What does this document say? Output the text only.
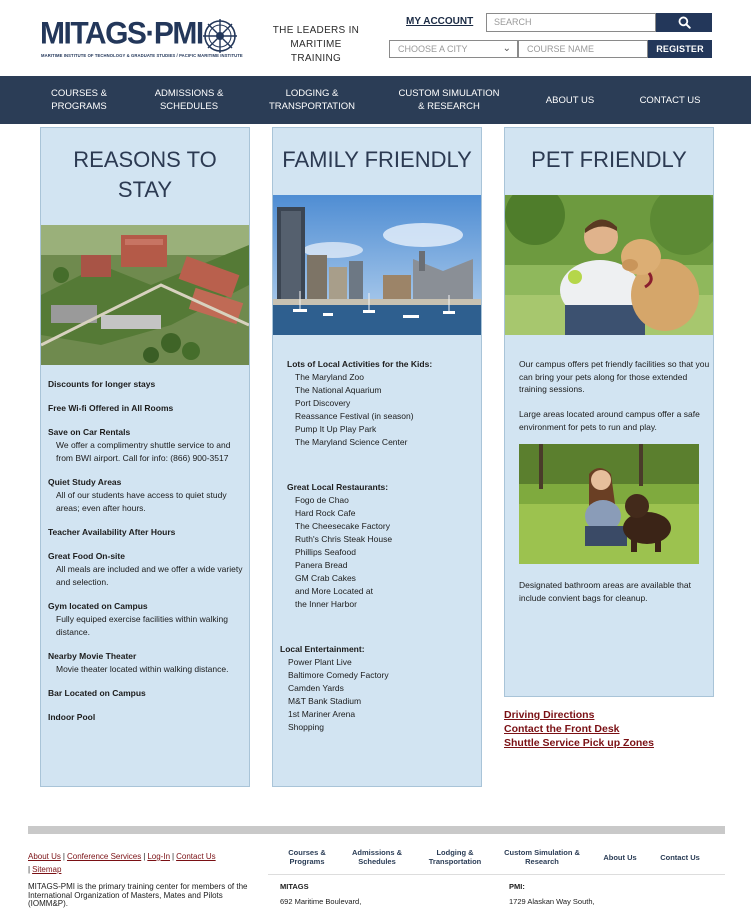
MITAGS·PMI
MARITIME INSTITUTE OF TECHNOLOGY & GRADUATE STUDIES / PACIFIC MARITIME INSTITUTE
THE LEADERS IN MARITIME TRAINING
MY ACCOUNT	SEARCH
CHOOSE A CITY	⌄	COURSE NAME	REGISTER
COURSES & PROGRAMS
ADMISSIONS & SCHEDULES
LODGING & TRANSPORTATION
CUSTOM SIMULATION & RESEARCH
ABOUT US	CONTACT US
REASONS TO STAY
Discounts for longer stays
Free Wi-fi Offered in All Rooms
Save on Car Rentals
We offer a complimentry shuttle service to and from BWI airport. Call for info: (866) 900-3517
Quiet Study Areas
All of our students have access to quiet study areas; even after hours.
Teacher Availability After Hours
Great Food On-site
All meals are included and we offer a wide variety and selection.
Gym located on Campus
Fully equiped exercise facilities within walking distance.
Nearby Movie Theater
Movie theater located within walking distance.
Bar Located on Campus
Indoor Pool
FAMILY FRIENDLY
Lots of Local Activities for the Kids:
The Maryland Zoo
The National Aquarium
Port Discovery
Reassance Festival (in season)
Pump It Up Play Park
The Maryland Science Center
Great Local Restaurants:
Fogo de Chao
Hard Rock Cafe
The Cheesecake Factory
Ruth's Chris Steak House
Phillips Seafood
Panera Bread
GM Crab Cakes
and More Located at
the Inner Harbor
Local Entertainment:
Power Plant Live
Baltimore Comedy Factory
Camden Yards
M&T Bank Stadium
1st Mariner Arena
Shopping
PET FRIENDLY
Our campus offers pet friendly facilities so that you can bring your pets along for those extended training sessions.
Large areas located around campus offer a safe environment for pets to run and play.
Designated bathroom areas are available that include convient bags for cleanup.
Driving Directions
Contact the Front Desk
Shuttle Service Pick up Zones
About Us | Conference Services | Log-In | Contact Us
| Sitemap
MITAGS-PMI is the primary training center for members of the International Organization of Masters, Mates and Pilots (IOMM&P).
Courses & Programs
Admissions & Schedules
Lodging & Transportation
Custom Simulation & Research	About Us	Contact Us
MITAGS
692 Maritime Boulevard,
PMI:
1729 Alaskan Way South,
